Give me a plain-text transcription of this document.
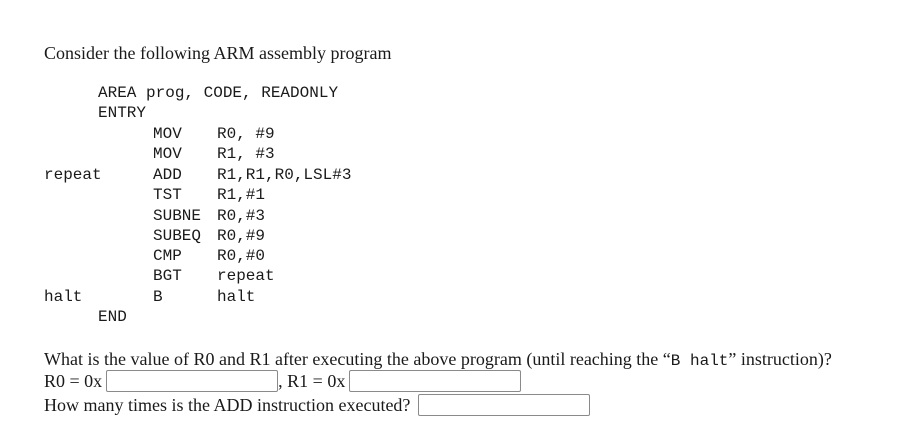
Consider the following ARM assembly program
AREA prog, CODE, READONLY
ENTRY
MOV R0, #9
MOV R1, #3
repeat	ADD R1,R1,R0,LSL#3
TST R1,#1
SUBNE R0,#3
SUBEQ R0,#9
CMP R0,#0
BGT repeat
halt	B	halt
END
What is the value of R0 and R1 after executing the above program (until reaching the “B halt” instruction)?
R0 = 0x	, R1 = 0x
How many times is the ADD instruction executed?
